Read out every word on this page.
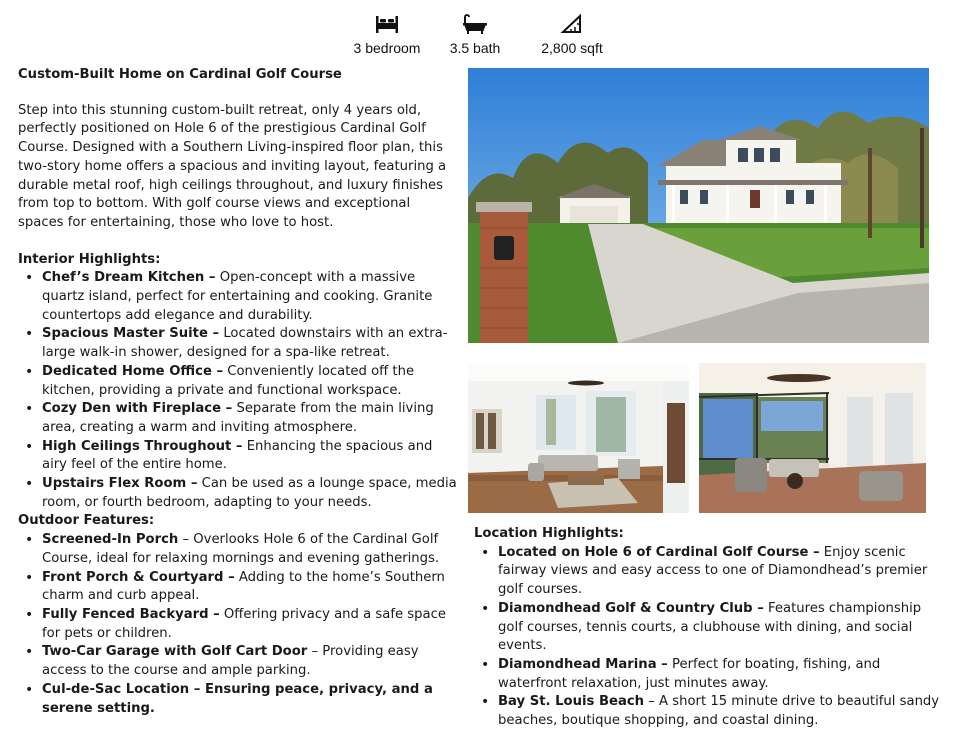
3 bedroom	3.5 bath	2,800 sqft
Custom-Built Home on Cardinal Golf Course

Step into this stunning custom-built retreat, only 4 years old, perfectly positioned on Hole 6 of the prestigious Cardinal Golf Course. Designed with a Southern Living-inspired floor plan, this two-story home offers a spacious and inviting layout, featuring a durable metal roof, high ceilings throughout, and luxury finishes from top to bottom. With golf course views and exceptional spaces for entertaining, those who love to host.

Interior Highlights:
• Chef’s Dream Kitchen – Open-concept with a massive quartz island, perfect for entertaining and cooking. Granite countertops add elegance and durability.
• Spacious Master Suite – Located downstairs with an extra-large walk-in shower, designed for a spa-like retreat.
• Dedicated Home Office – Conveniently located off the kitchen, providing a private and functional workspace.
• Cozy Den with Fireplace – Separate from the main living area, creating a warm and inviting atmosphere.
• High Ceilings Throughout – Enhancing the spacious and airy feel of the entire home.
• Upstairs Flex Room – Can be used as a lounge space, media room, or fourth bedroom, adapting to your needs.
Outdoor Features:
• Screened-In Porch – Overlooks Hole 6 of the Cardinal Golf Course, ideal for relaxing mornings and evening gatherings.
• Front Porch & Courtyard – Adding to the home’s Southern charm and curb appeal.
• Fully Fenced Backyard – Offering privacy and a safe space for pets or children.
• Two-Car Garage with Golf Cart Door – Providing easy access to the course and ample parking.
• Cul-de-Sac Location – Ensuring peace, privacy, and a serene setting.
Location Highlights:
• Located on Hole 6 of Cardinal Golf Course – Enjoy scenic fairway views and easy access to one of Diamondhead’s premier golf courses.
• Diamondhead Golf & Country Club – Features championship golf courses, tennis courts, a clubhouse with dining, and social events.
• Diamondhead Marina – Perfect for boating, fishing, and waterfront relaxation, just minutes away.
• Bay St. Louis Beach – A short 15 minute drive to beautiful sandy beaches, boutique shopping, and coastal dining.
